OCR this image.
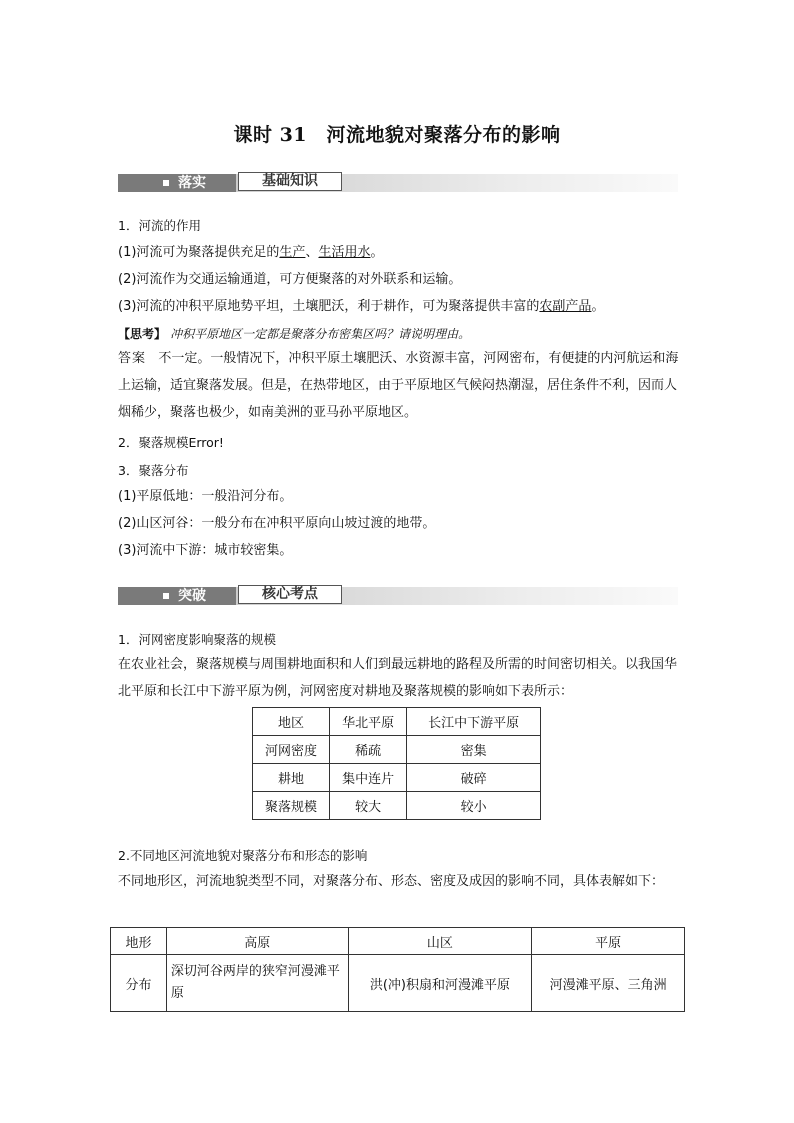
课时 31　河流地貌对聚落分布的影响
落实	基础知识
1．河流的作用
(1)河流可为聚落提供充足的生产、生活用水。
(2)河流作为交通运输通道，可方便聚落的对外联系和运输。
(3)河流的冲积平原地势平坦，土壤肥沃，利于耕作，可为聚落提供丰富的农副产品。
【思考】 冲积平原地区一定都是聚落分布密集区吗？请说明理由。
答案 不一定。一般情况下，冲积平原土壤肥沃、水资源丰富，河网密布，有便捷的内河航运和海上运输，适宜聚落发展。但是，在热带地区，由于平原地区气候闷热潮湿，居住条件不利，因而人烟稀少，聚落也极少，如南美洲的亚马孙平原地区。
2．聚落规模Error!
3．聚落分布
(1)平原低地：一般沿河分布。
(2)山区河谷：一般分布在冲积平原向山坡过渡的地带。
(3)河流中下游：城市较密集。
突破	核心考点
1．河网密度影响聚落的规模
在农业社会，聚落规模与周围耕地面积和人们到最远耕地的路程及所需的时间密切相关。以我国华北平原和长江中下游平原为例，河网密度对耕地及聚落规模的影响如下表所示：
地区	华北平原	长江中下游平原
河网密度	稀疏	密集
耕地	集中连片	破碎
聚落规模	较大	较小
2.不同地区河流地貌对聚落分布和形态的影响
不同地形区，河流地貌类型不同，对聚落分布、形态、密度及成因的影响不同，具体表解如下：
地形	高原	山区	平原
分布	深切河谷两岸的狭窄河漫滩平原	洪(冲)积扇和河漫滩平原	河漫滩平原、三角洲
